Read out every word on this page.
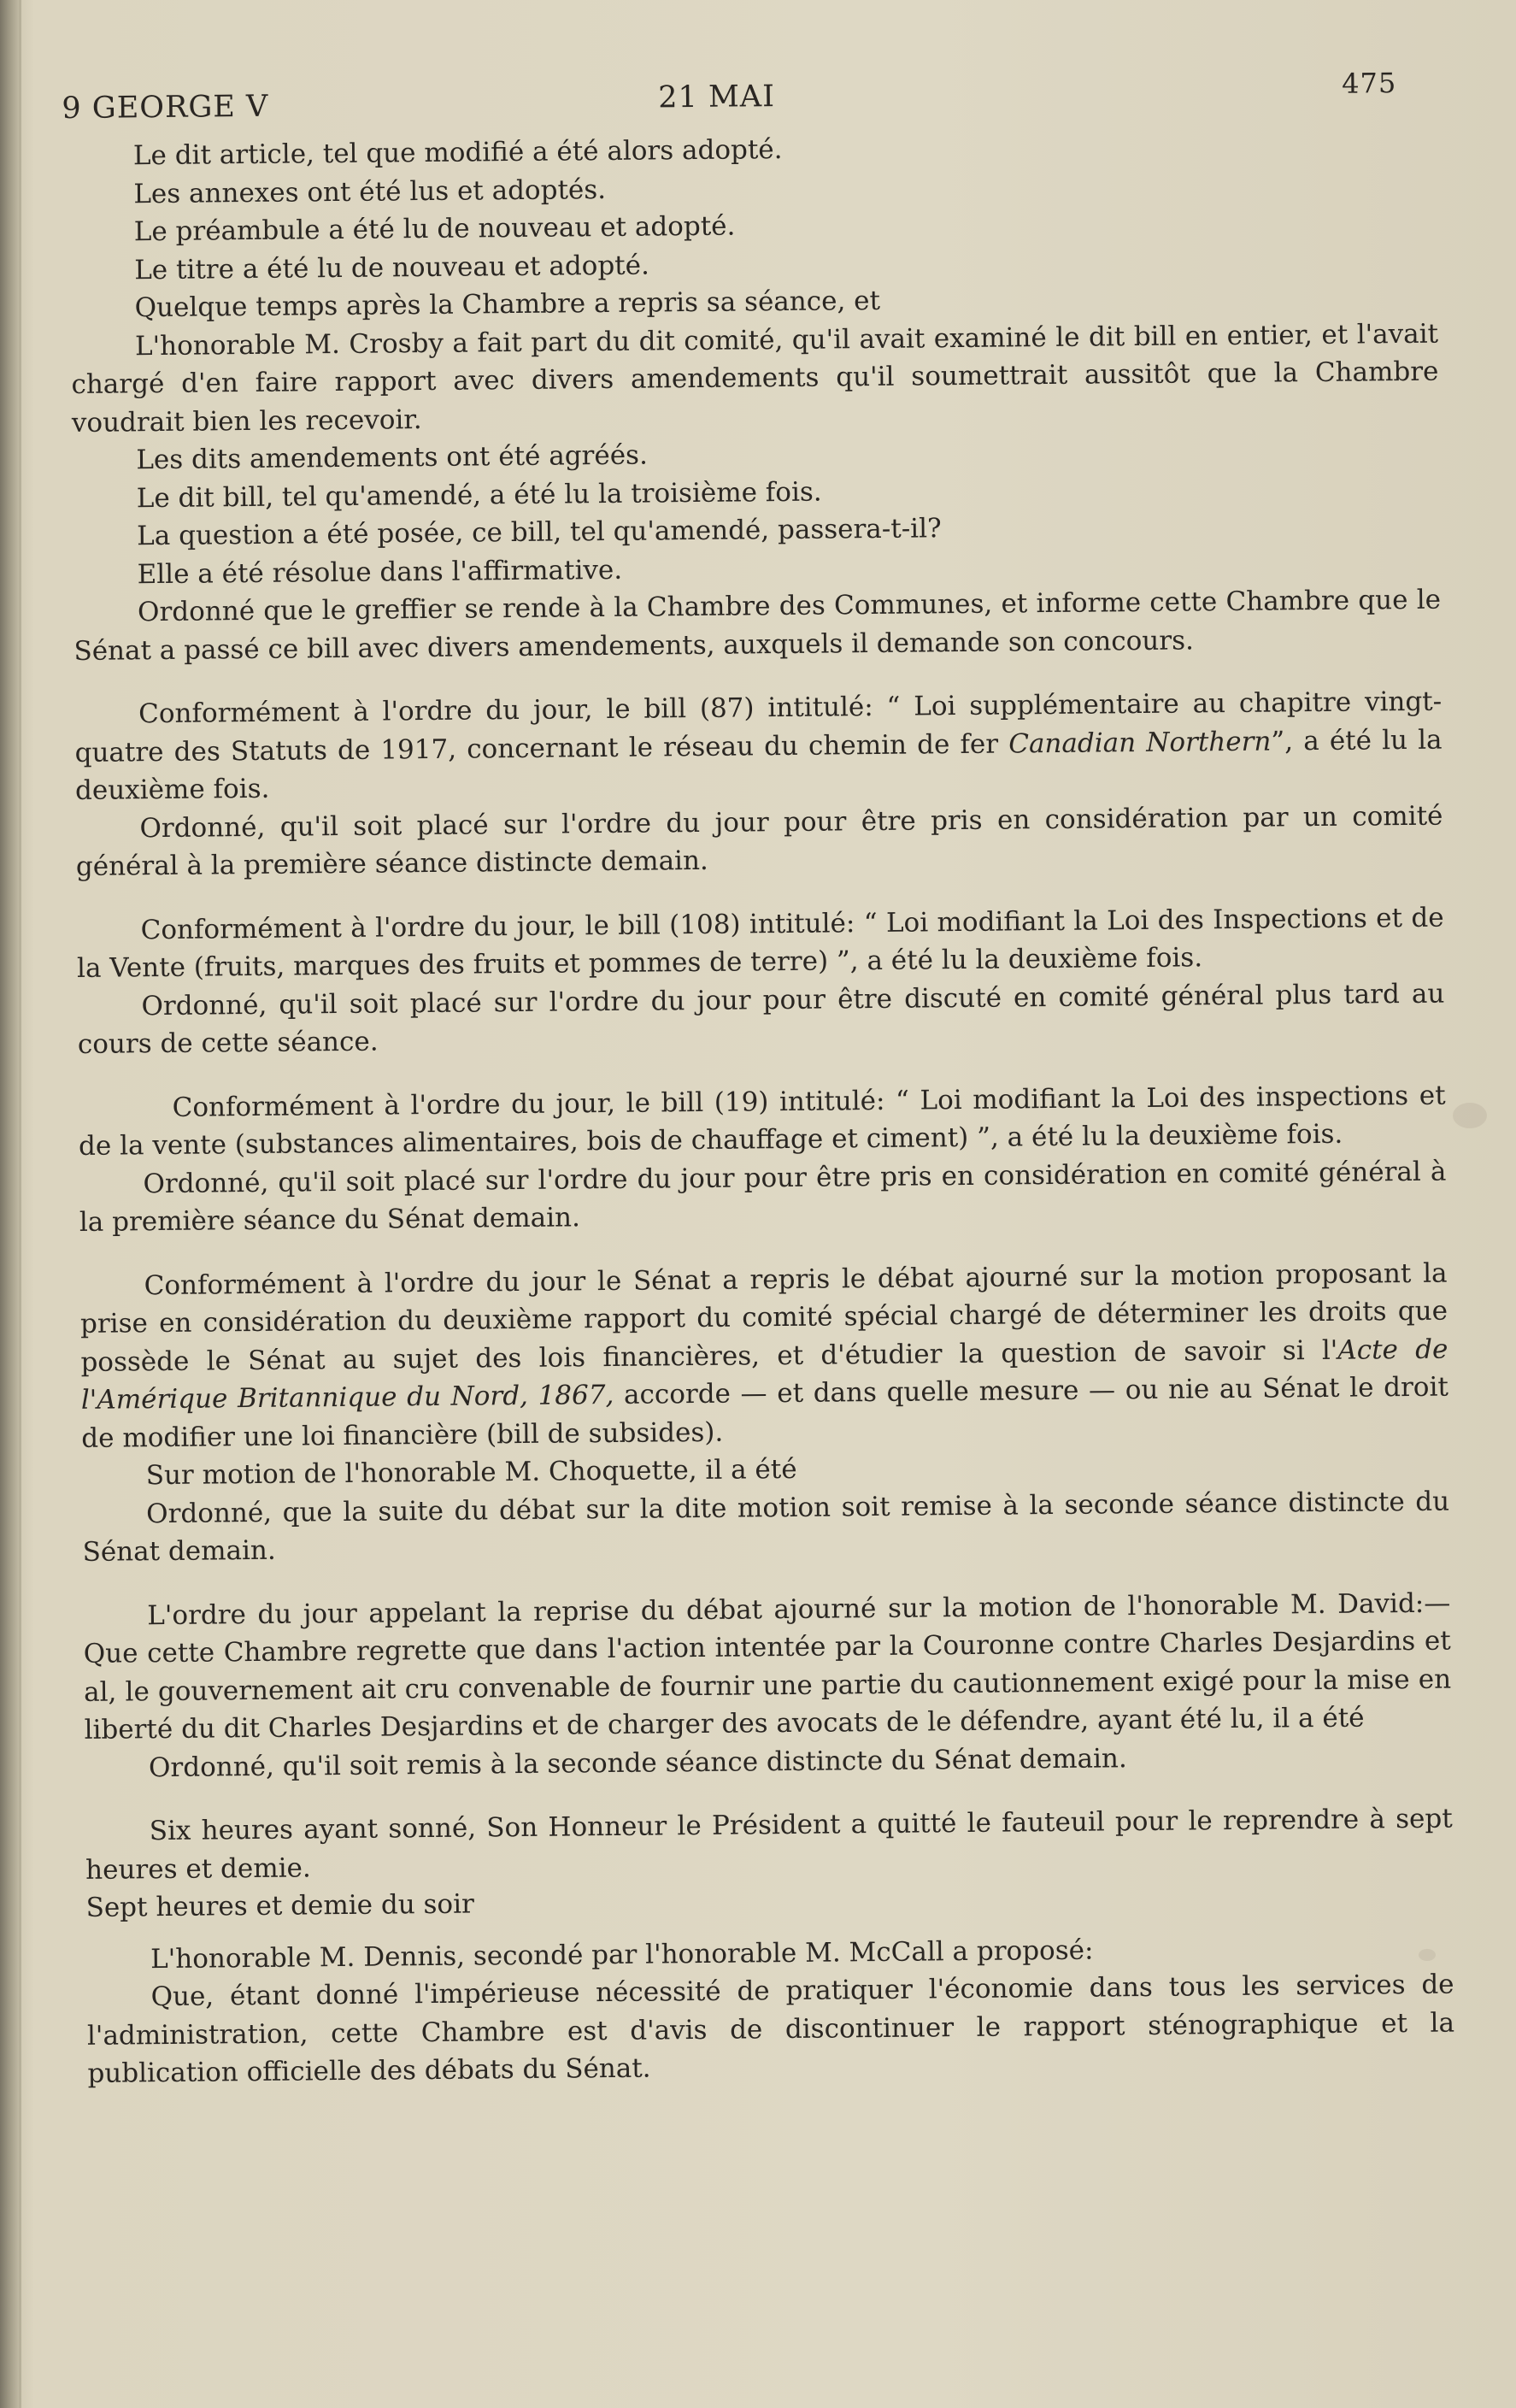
9 GEORGE V	21 MAI	475

Le dit article, tel que modifié a été alors adopté.

Les annexes ont été lus et adoptés.

Le préambule a été lu de nouveau et adopté.

Le titre a été lu de nouveau et adopté.

Quelque temps après la Chambre a repris sa séance, et

L'honorable M. Crosby a fait part du dit comité, qu'il avait examiné le dit bill en entier, et l'avait chargé d'en faire rapport avec divers amendements qu'il soumettrait aussitôt que la Chambre voudrait bien les recevoir.

Les dits amendements ont été agréés.

Le dit bill, tel qu'amendé, a été lu la troisième fois.

La question a été posée, ce bill, tel qu'amendé, passera-t-il?

Elle a été résolue dans l'affirmative.

Ordonné que le greffier se rende à la Chambre des Communes, et informe cette Chambre que le Sénat a passé ce bill avec divers amendements, auxquels il demande son concours.

Conformément à l'ordre du jour, le bill (87) intitulé: “ Loi supplémentaire au chapitre vingt-quatre des Statuts de 1917, concernant le réseau du chemin de fer Canadian Northern”, a été lu la deuxième fois.

Ordonné, qu'il soit placé sur l'ordre du jour pour être pris en considération par un comité général à la première séance distincte demain.

Conformément à l'ordre du jour, le bill (108) intitulé: “ Loi modifiant la Loi des Inspections et de la Vente (fruits, marques des fruits et pommes de terre) ”, a été lu la deuxième fois.

Ordonné, qu'il soit placé sur l'ordre du jour pour être discuté en comité général plus tard au cours de cette séance.

Conformément à l'ordre du jour, le bill (19) intitulé: “ Loi modifiant la Loi des inspections et de la vente (substances alimentaires, bois de chauffage et ciment) ”, a été lu la deuxième fois.

Ordonné, qu'il soit placé sur l'ordre du jour pour être pris en considération en comité général à la première séance du Sénat demain.

Conformément à l'ordre du jour le Sénat a repris le débat ajourné sur la motion proposant la prise en considération du deuxième rapport du comité spécial chargé de déterminer les droits que possède le Sénat au sujet des lois financières, et d'étudier la question de savoir si l'Acte de l'Amérique Britannique du Nord, 1867, accorde — et dans quelle mesure — ou nie au Sénat le droit de modifier une loi financière (bill de subsides).

Sur motion de l'honorable M. Choquette, il a été

Ordonné, que la suite du débat sur la dite motion soit remise à la seconde séance distincte du Sénat demain.

L'ordre du jour appelant la reprise du débat ajourné sur la motion de l'honorable M. David:—Que cette Chambre regrette que dans l'action intentée par la Couronne contre Charles Desjardins et al, le gouvernement ait cru convenable de fournir une partie du cautionnement exigé pour la mise en liberté du dit Charles Desjardins et de charger des avocats de le défendre, ayant été lu, il a été

Ordonné, qu'il soit remis à la seconde séance distincte du Sénat demain.

Six heures ayant sonné, Son Honneur le Président a quitté le fauteuil pour le reprendre à sept heures et demie.

Sept heures et demie du soir

L'honorable M. Dennis, secondé par l'honorable M. McCall a proposé:

Que, étant donné l'impérieuse nécessité de pratiquer l'économie dans tous les services de l'administration, cette Chambre est d'avis de discontinuer le rapport sténographique et la publication officielle des débats du Sénat.
